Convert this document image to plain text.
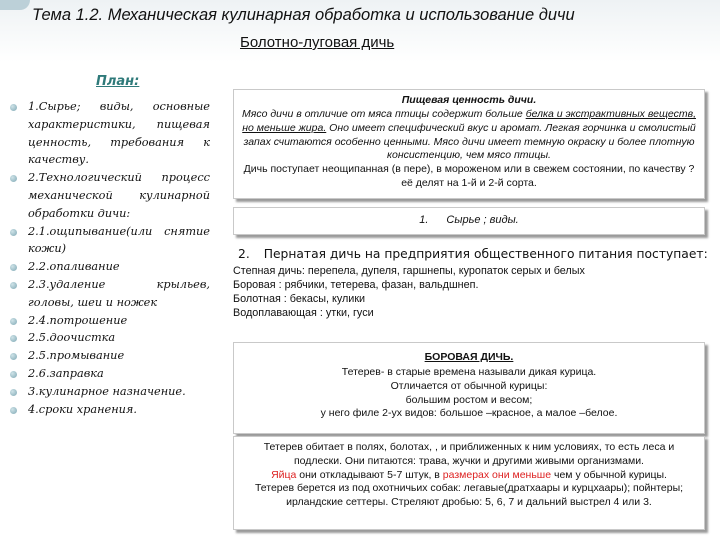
Тема 1.2. Механическая кулинарная обработка и использование дичи
Болотно-луговая дичь
План:
1.Сырье; виды, основные характеристики, пищевая ценность, требования к качеству.
2.Технологический процесс механической кулинарной обработки дичи:
2.1.ощипывание(или снятие кожи)
2.2.опаливание
2.3.удаление крыльев, головы, шеи и ножек
2.4.потрошение
2.5.доочистка
2.5.промывание
2.6.заправка
3.кулинарное назначение.
4.сроки хранения.
Пищевая ценность дичи.
Мясо дичи в отличие от мяса птицы содержит больше белка и экстрактивных веществ, но меньше жира. Оно имеет специфический вкус и аромат. Легкая горчинка и смолистый запах считаются особенно ценными. Мясо дичи имеет темную окраску и более плотную консистенцию, чем мясо птицы.
Дичь поступает неощипанная (в пере), в мороженом или в свежем состоянии, по качеству ?её делят на 1-й и 2-й сорта.
1. Сырье ; виды.
2. Пернатая дичь на предприятия общественного питания поступает:
Степная дичь: перепела, дупеля, гаршнепы, куропаток серых и белых
Боровая : рябчики, тетерева, фазан, вальдшнеп.
Болотная : бекасы, кулики
Водоплавающая : утки, гуси
БОРОВАЯ ДИЧЬ.
Тетерев- в старые времена называли дикая курица.
Отличается от обычной курицы:
большим ростом и весом;
у него филе 2-ух видов: большое –красное, а малое –белое.
Тетерев обитает в полях, болотах, , и приближенных к ним условиях, то есть леса и подлески. Они питаются: трава, жучки и другими живыми организмами.
Яйца они откладывают 5-7 штук, в размерах они меньше чем у обычной курицы.
Тетерев берется из под охотничьих собак: легавые(дратхаары и курцхаары); пойнтеры; ирландские сеттеры. Стреляют дробью: 5, 6, 7 и дальний выстрел 4 или 3.
